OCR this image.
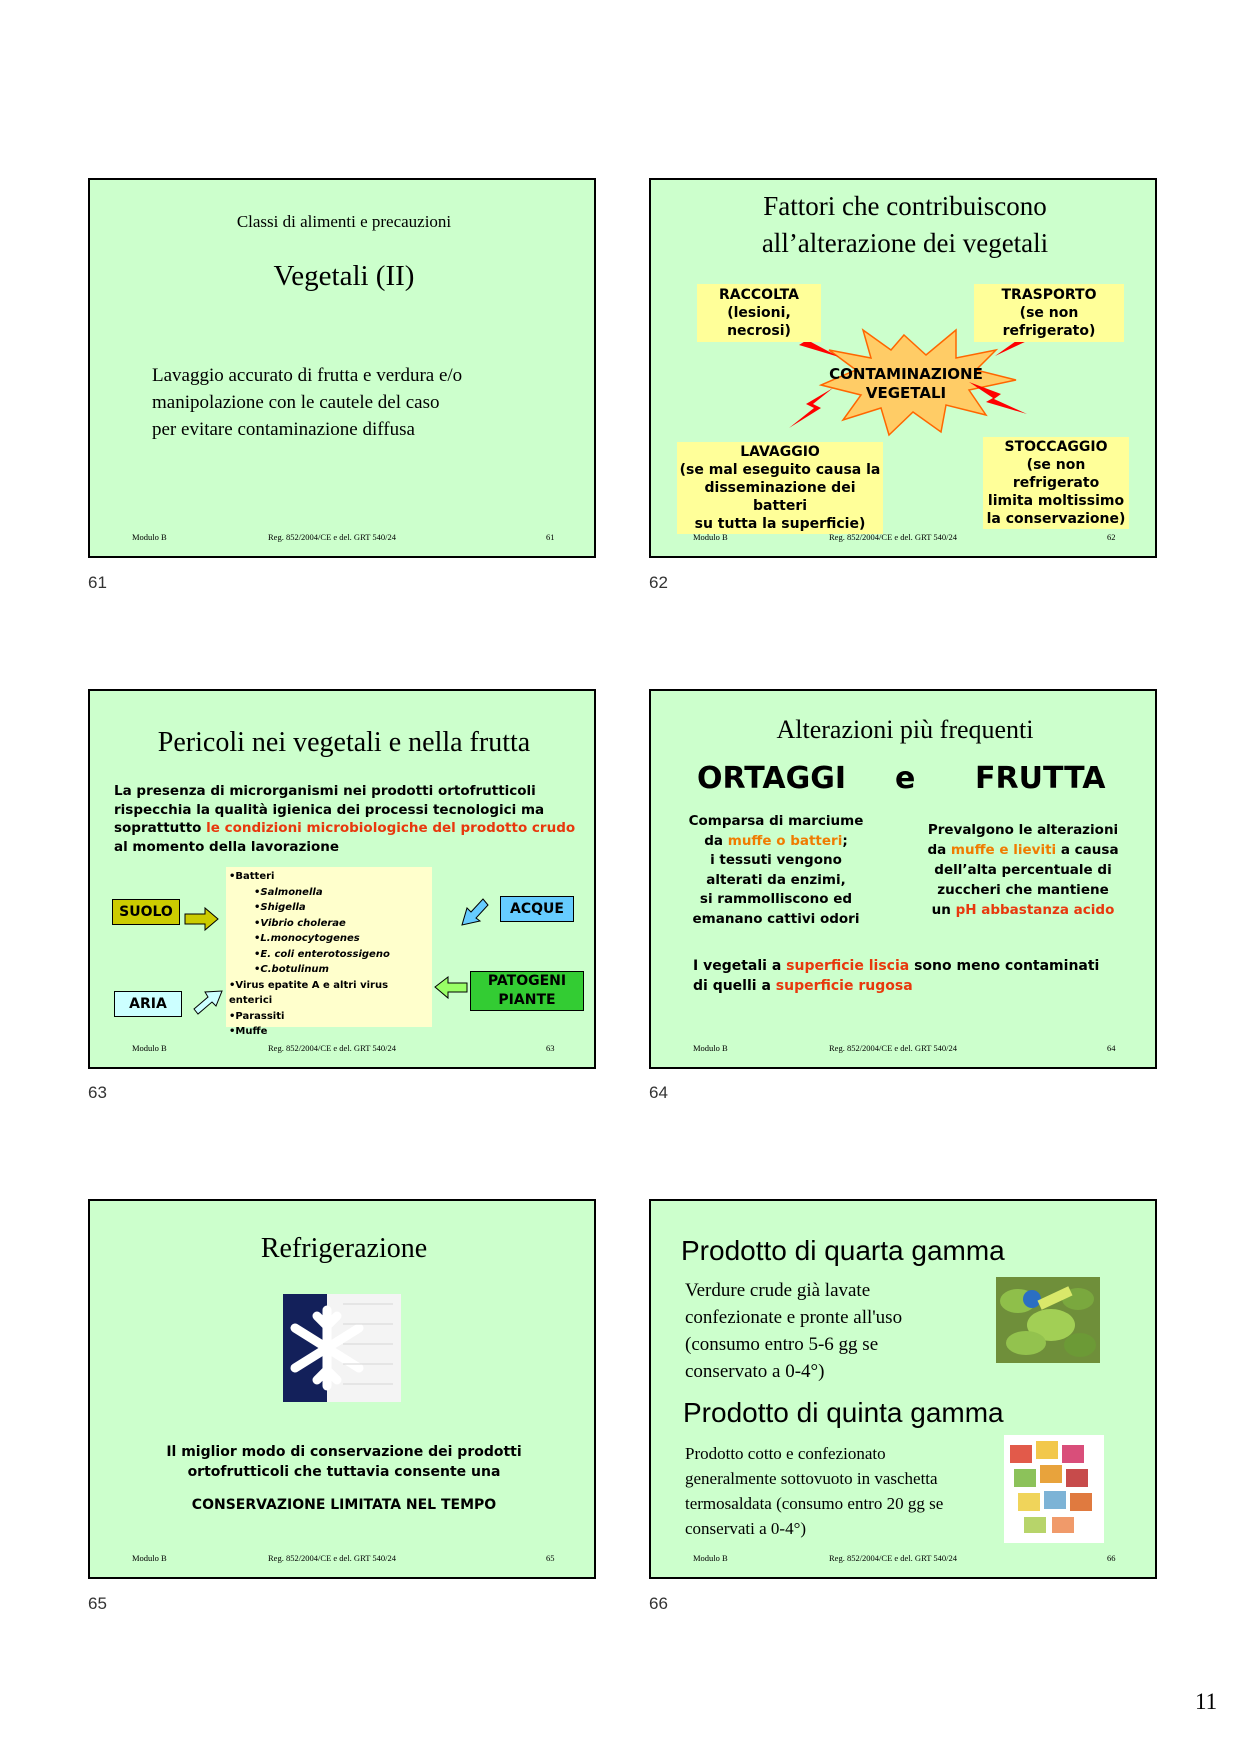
Classi di alimenti e precauzioni
Vegetali (II)
Lavaggio accurato di frutta e verdura e/o
manipolazione con le cautele del caso
per evitare contaminazione diffusa
Modulo B	Reg. 852/2004/CE e del. GRT 540/24	61
61
Fattori che contribuiscono
all’alterazione dei vegetali
RACCOLTA
(lesioni, necrosi)
TRASPORTO
(se non refrigerato)
CONTAMINAZIONE
VEGETALI
LAVAGGIO
(se mal eseguito causa la
disseminazione dei batteri
su tutta la superficie)
STOCCAGGIO
(se non refrigerato
limita moltissimo
la conservazione)
Modulo B	Reg. 852/2004/CE e del. GRT 540/24	62
62
Pericoli nei vegetali e nella frutta
La presenza di microrganismi nei prodotti ortofrutticoli
rispecchia la qualità igienica dei processi tecnologici ma
soprattutto le condizioni microbiologiche del prodotto crudo
al momento della lavorazione
•Batteri
•Salmonella
•Shigella
•Vibrio cholerae
•L.monocytogenes
•E. coli enterotossigeno
•C.botulinum
•Virus epatite A e altri virus enterici
•Parassiti
•Muffe
SUOLO
ARIA
ACQUE
PATOGENI
PIANTE
Modulo B	Reg. 852/2004/CE e del. GRT 540/24	63
63
Alterazioni più frequenti
ORTAGGI e FRUTTA
Comparsa di marciume
da muffe o batteri;
i tessuti vengono
alterati da enzimi,
si rammolliscono ed
emanano cattivi odori
Prevalgono le alterazioni
da muffe e lieviti a causa
dell’alta percentuale di
zuccheri che mantiene
un pH abbastanza acido
I vegetali a superficie liscia sono meno contaminati
di quelli a superficie rugosa
Modulo B	Reg. 852/2004/CE e del. GRT 540/24	64
64
Refrigerazione
Il miglior modo di conservazione dei prodotti
ortofrutticoli che tuttavia consente una
CONSERVAZIONE LIMITATA NEL TEMPO
Modulo B	Reg. 852/2004/CE e del. GRT 540/24	65
65
Prodotto di quarta gamma
Verdure crude già lavate
confezionate e pronte all'uso
(consumo entro 5-6 gg se
conservato a 0-4°)
Prodotto di quinta gamma
Prodotto cotto e confezionato
generalmente sottovuoto in vaschetta
termosaldata (consumo entro 20 gg se
conservati a 0-4°)
Modulo B	Reg. 852/2004/CE e del. GRT 540/24	66
66
11
